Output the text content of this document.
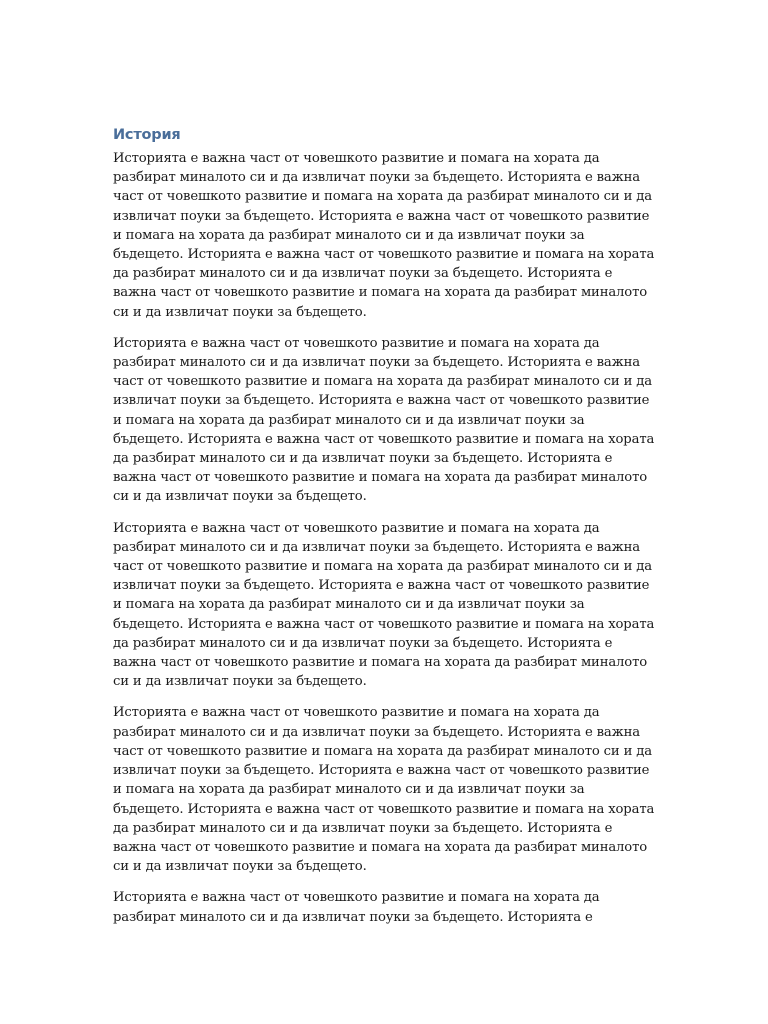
История

Историята е важна част от човешкото развитие и помага на хората да разбират миналото си и да извличат поуки за бъдещето. Историята е важна част от човешкото развитие и помага на хората да разбират миналото си и да извличат поуки за бъдещето. Историята е важна част от човешкото развитие и помага на хората да разбират миналото си и да извличат поуки за бъдещето. Историята е важна част от човешкото развитие и помага на хората да разбират миналото си и да извличат поуки за бъдещето. Историята е важна част от човешкото развитие и помага на хората да разбират миналото си и да извличат поуки за бъдещето.

Историята е важна част от човешкото развитие и помага на хората да разбират миналото си и да извличат поуки за бъдещето. Историята е важна част от човешкото развитие и помага на хората да разбират миналото си и да извличат поуки за бъдещето. Историята е важна част от човешкото развитие и помага на хората да разбират миналото си и да извличат поуки за бъдещето. Историята е важна част от човешкото развитие и помага на хората да разбират миналото си и да извличат поуки за бъдещето. Историята е важна част от човешкото развитие и помага на хората да разбират миналото си и да извличат поуки за бъдещето.

Историята е важна част от човешкото развитие и помага на хората да разбират миналото си и да извличат поуки за бъдещето. Историята е важна част от човешкото развитие и помага на хората да разбират миналото си и да извличат поуки за бъдещето. Историята е важна част от човешкото развитие и помага на хората да разбират миналото си и да извличат поуки за бъдещето. Историята е важна част от човешкото развитие и помага на хората да разбират миналото си и да извличат поуки за бъдещето. Историята е важна част от човешкото развитие и помага на хората да разбират миналото си и да извличат поуки за бъдещето.

Историята е важна част от човешкото развитие и помага на хората да разбират миналото си и да извличат поуки за бъдещето. Историята е важна част от човешкото развитие и помага на хората да разбират миналото си и да извличат поуки за бъдещето. Историята е важна част от човешкото развитие и помага на хората да разбират миналото си и да извличат поуки за бъдещето. Историята е важна част от човешкото развитие и помага на хората да разбират миналото си и да извличат поуки за бъдещето. Историята е важна част от човешкото развитие и помага на хората да разбират миналото си и да извличат поуки за бъдещето.

Историята е важна част от човешкото развитие и помага на хората да разбират миналото си и да извличат поуки за бъдещето. Историята е
